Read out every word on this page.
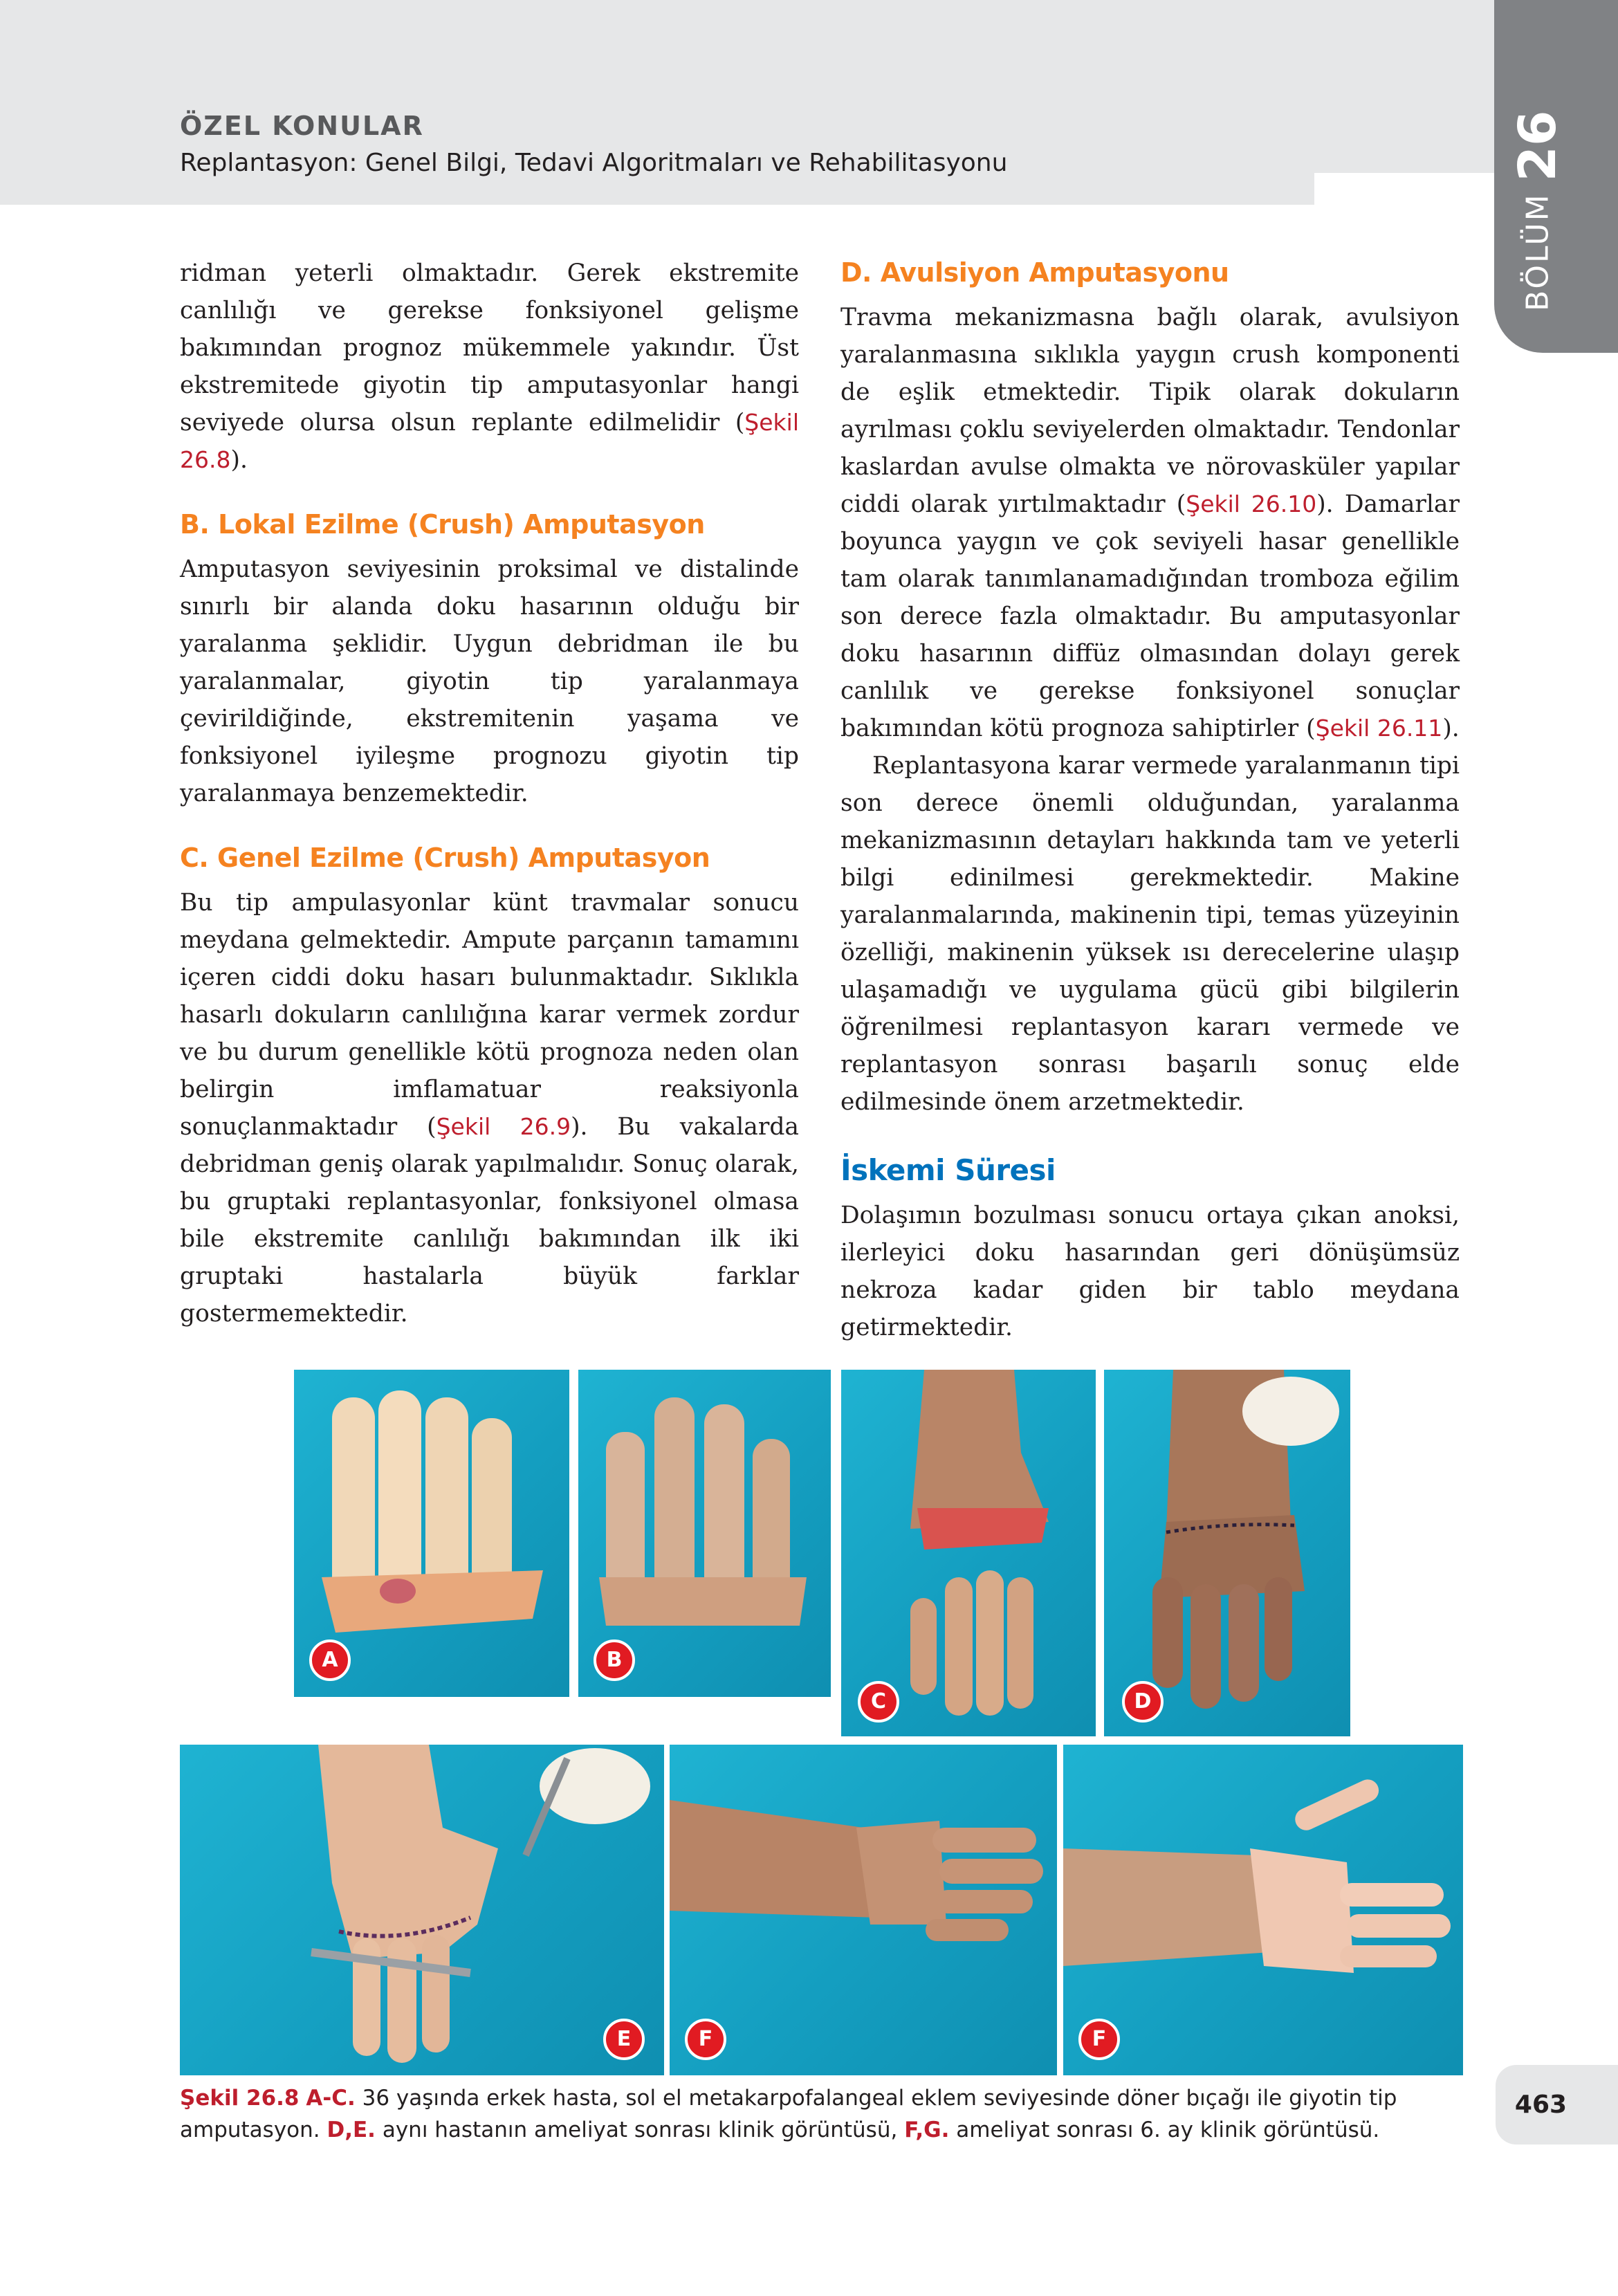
ÖZEL KONULAR
Replantasyon: Genel Bilgi, Tedavi Algoritmaları ve Rehabilitasyonu
BÖLÜM26

ridman yeterli olmaktadır. Gerek ekstremite canlılığı ve gerekse fonksiyonel gelişme bakımından prognoz mükemmele yakındır. Üst ekstremitede giyotin tip amputasyonlar hangi seviyede olursa olsun replante edilmelidir (Şekil 26.8).

B. Lokal Ezilme (Crush) Amputasyon

Amputasyon seviyesinin proksimal ve distalinde sınırlı bir alanda doku hasarının olduğu bir yaralanma şeklidir. Uygun debridman ile bu yaralanmalar, giyotin tip yaralanmaya çevirildiğinde, ekstremitenin yaşama ve fonksiyonel iyileşme prognozu giyotin tip yaralanmaya benzemektedir.

C. Genel Ezilme (Crush) Amputasyon

Bu tip ampulasyonlar künt travmalar sonucu meydana gelmektedir. Ampute parçanın tamamını içeren ciddi doku hasarı bulunmaktadır. Sıklıkla hasarlı dokuların canlılığına karar vermek zordur ve bu durum genellikle kötü prognoza neden olan belirgin imflamatuar reaksiyonla sonuçlanmaktadır (Şekil 26.9). Bu vakalarda debridman geniş olarak yapılmalıdır. Sonuç olarak, bu gruptaki replantasyonlar, fonksiyonel olmasa bile ekstremite canlılığı bakımından ilk iki gruptaki hastalarla büyük farklar gostermemektedir.

D. Avulsiyon Amputasyonu

Travma mekanizmasna bağlı olarak, avulsiyon yaralanmasına sıklıkla yaygın crush komponenti de eşlik etmektedir. Tipik olarak dokuların ayrılması çoklu seviyelerden olmaktadır. Tendonlar kaslardan avulse olmakta ve nörovasküler yapılar ciddi olarak yırtılmaktadır (Şekil 26.10). Damarlar boyunca yaygın ve çok seviyeli hasar genellikle tam olarak tanımlanamadığından tromboza eğilim son derece fazla olmaktadır. Bu amputasyonlar doku hasarının diffüz olmasından dolayı gerek canlılık ve gerekse fonksiyonel sonuçlar bakımından kötü prognoza sahiptirler (Şekil 26.11).

Replantasyona karar vermede yaralanmanın tipi son derece önemli olduğundan, yaralanma mekanizmasının detayları hakkında tam ve yeterli bilgi edinilmesi gerekmektedir. Makine yaralanmalarında, makinenin tipi, temas yüzeyinin özelliği, makinenin yüksek ısı derecelerine ulaşıp ulaşamadığı ve uygulama gücü gibi bilgilerin öğrenilmesi replantasyon kararı vermede ve replantasyon sonrası başarılı sonuç elde edilmesinde önem arzetmektedir.

İskemi Süresi

Dolaşımın bozulması sonucu ortaya çıkan anoksi, ilerleyici doku hasarından geri dönüşümsüz nekroza kadar giden bir tablo meydana getirmektedir.

A	B
C	D
E	F	F
Şekil 26.8 A-C. 36 yaşında erkek hasta, sol el metakarpofalangeal eklem seviyesinde döner bıçağı ile giyotin tip amputasyon. D,E. aynı hastanın ameliyat sonrası klinik görüntüsü, F,G. ameliyat sonrası 6. ay klinik görüntüsü.
463
